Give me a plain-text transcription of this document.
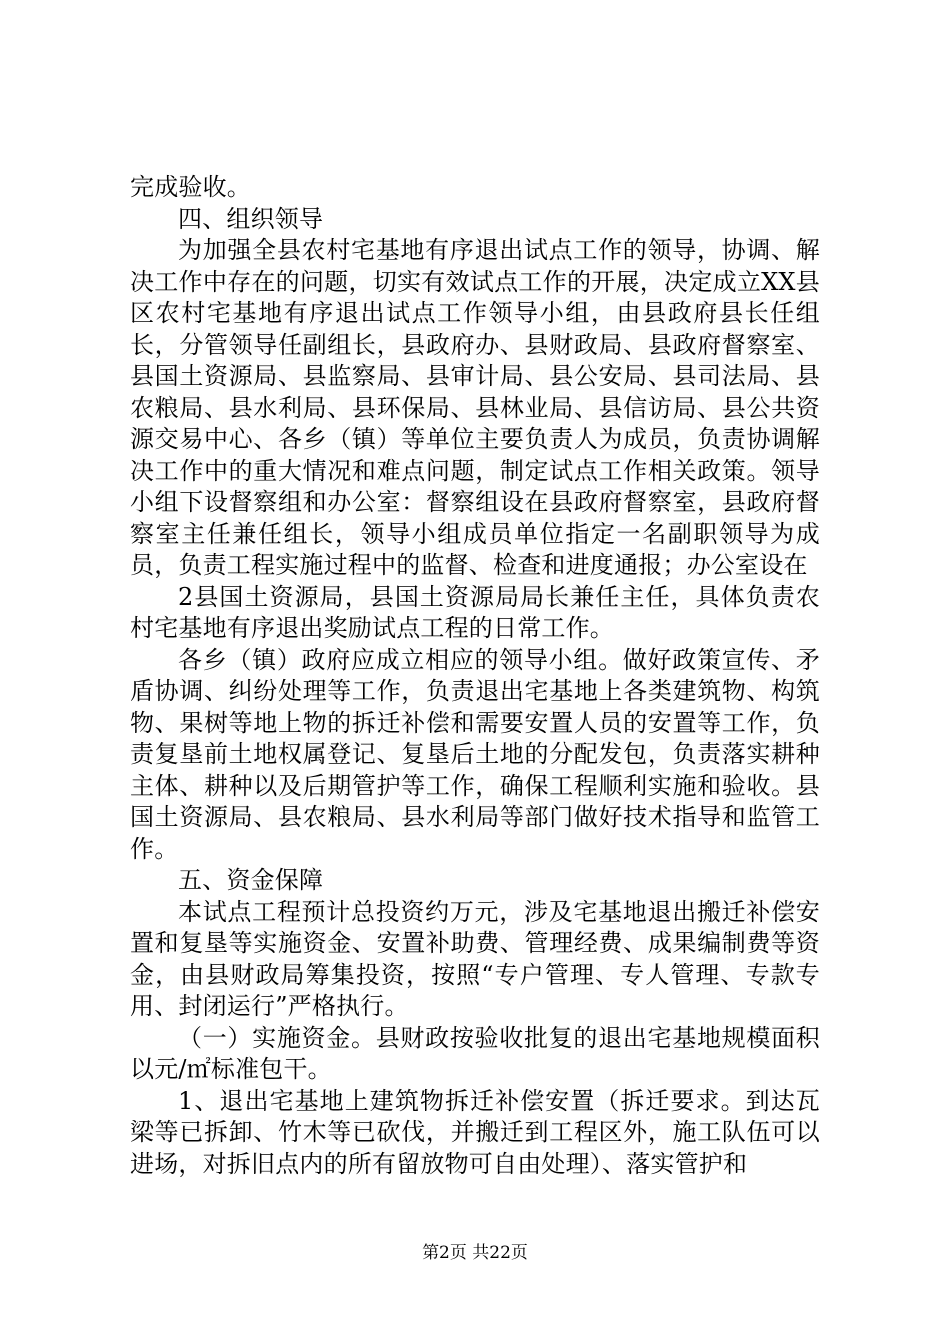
完成验收。

四、组织领导

为加强全县农村宅基地有序退出试点工作的领导，协调、解决工作中存在的问题，切实有效试点工作的开展，决定成立XX县区农村宅基地有序退出试点工作领导小组，由县政府县长任组长，分管领导任副组长，县政府办、县财政局、县政府督察室、县国土资源局、县监察局、县审计局、县公安局、县司法局、县农粮局、县水利局、县环保局、县林业局、县信访局、县公共资源交易中心、各乡（镇）等单位主要负责人为成员，负责协调解决工作中的重大情况和难点问题，制定试点工作相关政策。领导小组下设督察组和办公室：督察组设在县政府督察室，县政府督察室主任兼任组长，领导小组成员单位指定一名副职领导为成员，负责工程实施过程中的监督、检查和进度通报；办公室设在

2县国土资源局，县国土资源局局长兼任主任，具体负责农村宅基地有序退出奖励试点工程的日常工作。

各乡（镇）政府应成立相应的领导小组。做好政策宣传、矛盾协调、纠纷处理等工作，负责退出宅基地上各类建筑物、构筑物、果树等地上物的拆迁补偿和需要安置人员的安置等工作，负责复垦前土地权属登记、复垦后土地的分配发包，负责落实耕种主体、耕种以及后期管护等工作，确保工程顺利实施和验收。县国土资源局、县农粮局、县水利局等部门做好技术指导和监管工作。

五、资金保障

本试点工程预计总投资约万元，涉及宅基地退出搬迁补偿安置和复垦等实施资金、安置补助费、管理经费、成果编制费等资金，由县财政局筹集投资，按照“专户管理、专人管理、专款专用、封闭运行”严格执行。

（一）实施资金。县财政按验收批复的退出宅基地规模面积以元/㎡标准包干。

1、退出宅基地上建筑物拆迁补偿安置（拆迁要求。到达瓦梁等已拆卸、竹木等已砍伐，并搬迁到工程区外，施工队伍可以进场，对拆旧点内的所有留放物可自由处理）、落实管护和

第2页 共22页
